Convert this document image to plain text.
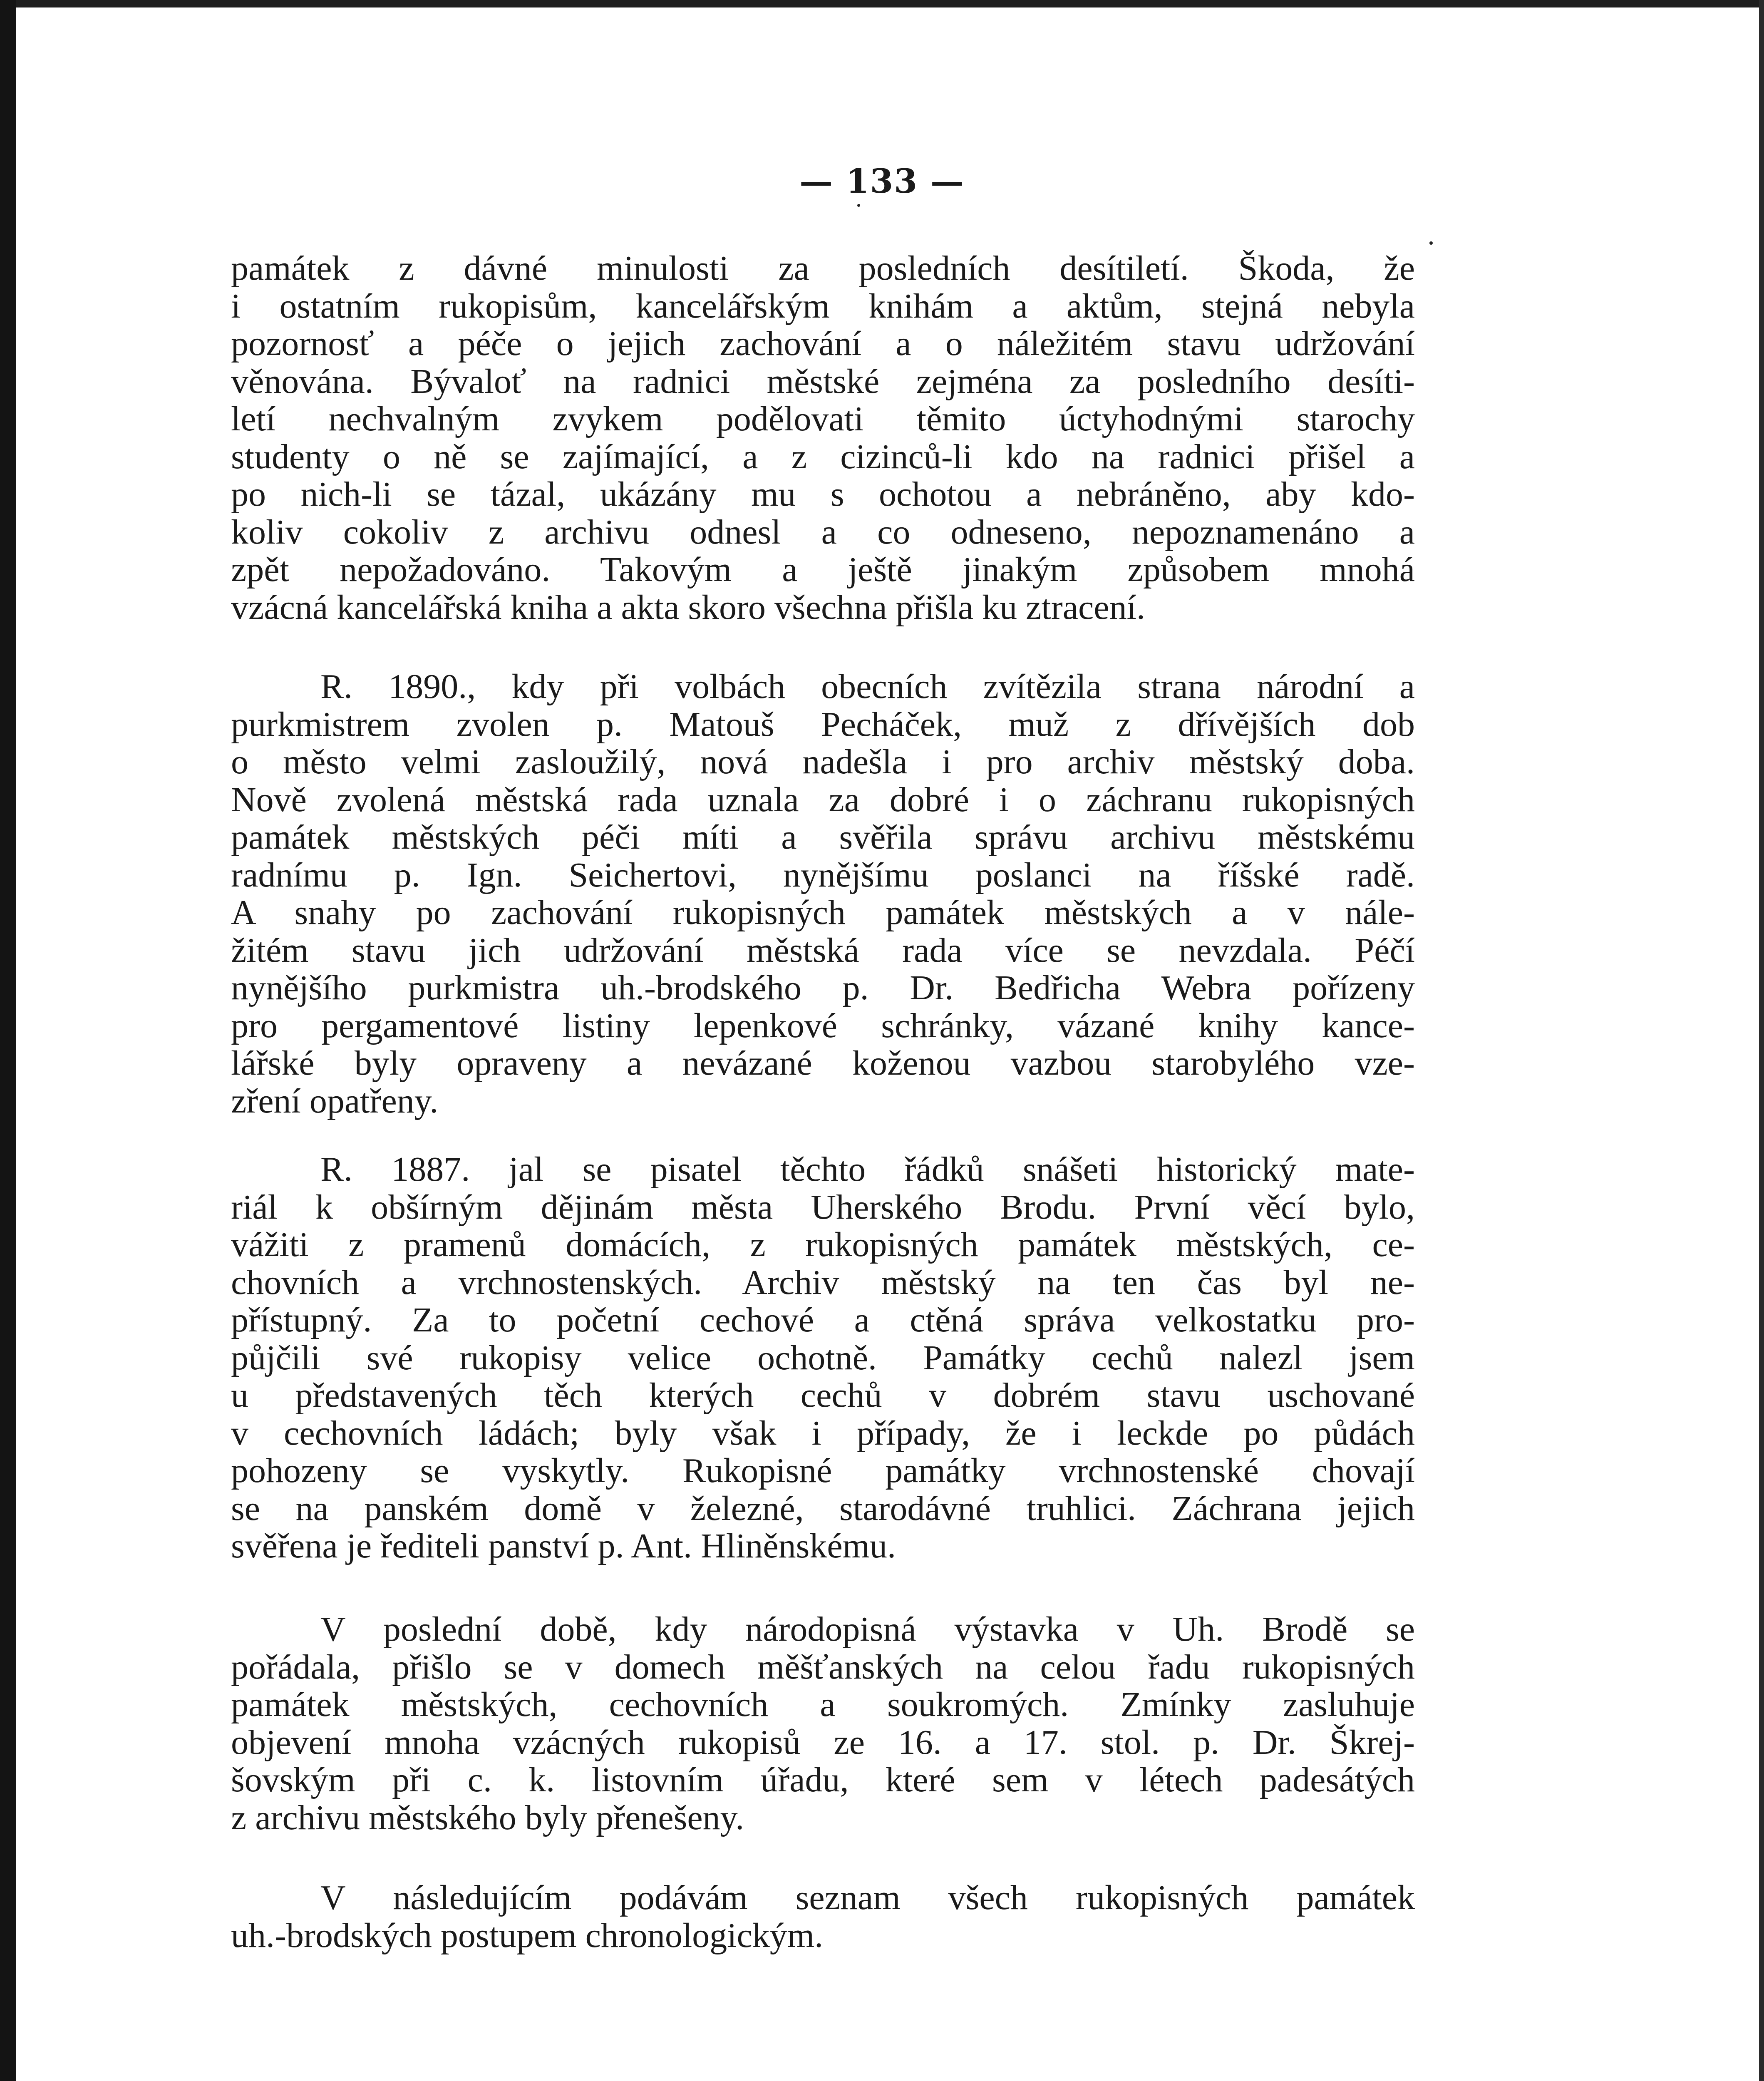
— 133 —
památek z dávné minulosti za posledních desítiletí. Škoda, že
i ostatním rukopisům, kancelářským knihám a aktům, stejná nebyla
pozornosť a péče o jejich zachování a o náležitém stavu udržování
věnována. Bývaloť na radnici městské zejména za posledního desíti-
letí nechvalným zvykem podělovati těmito úctyhodnými starochy
studenty o ně se zajímající, a z cizinců-li kdo na radnici přišel a
po nich-li se tázal, ukázány mu s ochotou a nebráněno, aby kdo-
koliv cokoliv z archivu odnesl a co odneseno, nepoznamenáno a
zpět nepožadováno. Takovým a ještě jinakým způsobem mnohá
vzácná kancelářská kniha a akta skoro všechna přišla ku ztracení.
R. 1890., kdy při volbách obecních zvítězila strana národní a
purkmistrem zvolen p. Matouš Pecháček, muž z dřívějších dob
o město velmi zasloužilý, nová nadešla i pro archiv městský doba.
Nově zvolená městská rada uznala za dobré i o záchranu rukopisných
památek městských péči míti a svěřila správu archivu městskému
radnímu p. Ign. Seichertovi, nynějšímu poslanci na říšské radě.
A snahy po zachování rukopisných památek městských a v nále-
žitém stavu jich udržování městská rada více se nevzdala. Péčí
nynějšího purkmistra uh.-brodského p. Dr. Bedřicha Webra pořízeny
pro pergamentové listiny lepenkové schránky, vázané knihy kance-
lářské byly opraveny a nevázané koženou vazbou starobylého vze-
zření opatřeny.
R. 1887. jal se pisatel těchto řádků snášeti historický mate-
riál k obšírným dějinám města Uherského Brodu. První věcí bylo,
vážiti z pramenů domácích, z rukopisných památek městských, ce-
chovních a vrchnostenských. Archiv městský na ten čas byl ne-
přístupný. Za to početní cechové a ctěná správa velkostatku pro-
půjčili své rukopisy velice ochotně. Památky cechů nalezl jsem
u představených těch kterých cechů v dobrém stavu uschované
v cechovních ládách; byly však i případy, že i leckde po půdách
pohozeny se vyskytly. Rukopisné památky vrchnostenské chovají
se na panském domě v železné, starodávné truhlici. Záchrana jejich
svěřena je řediteli panství p. Ant. Hliněnskému.
V poslední době, kdy národopisná výstavka v Uh. Brodě se
pořádala, přišlo se v domech měšťanských na celou řadu rukopisných
památek městských, cechovních a soukromých. Zmínky zasluhuje
objevení mnoha vzácných rukopisů ze 16. a 17. stol. p. Dr. Škrej-
šovským při c. k. listovním úřadu, které sem v létech padesátých
z archivu městského byly přenešeny.
V následujícím podávám seznam všech rukopisných památek
uh.-brodských postupem chronologickým.
